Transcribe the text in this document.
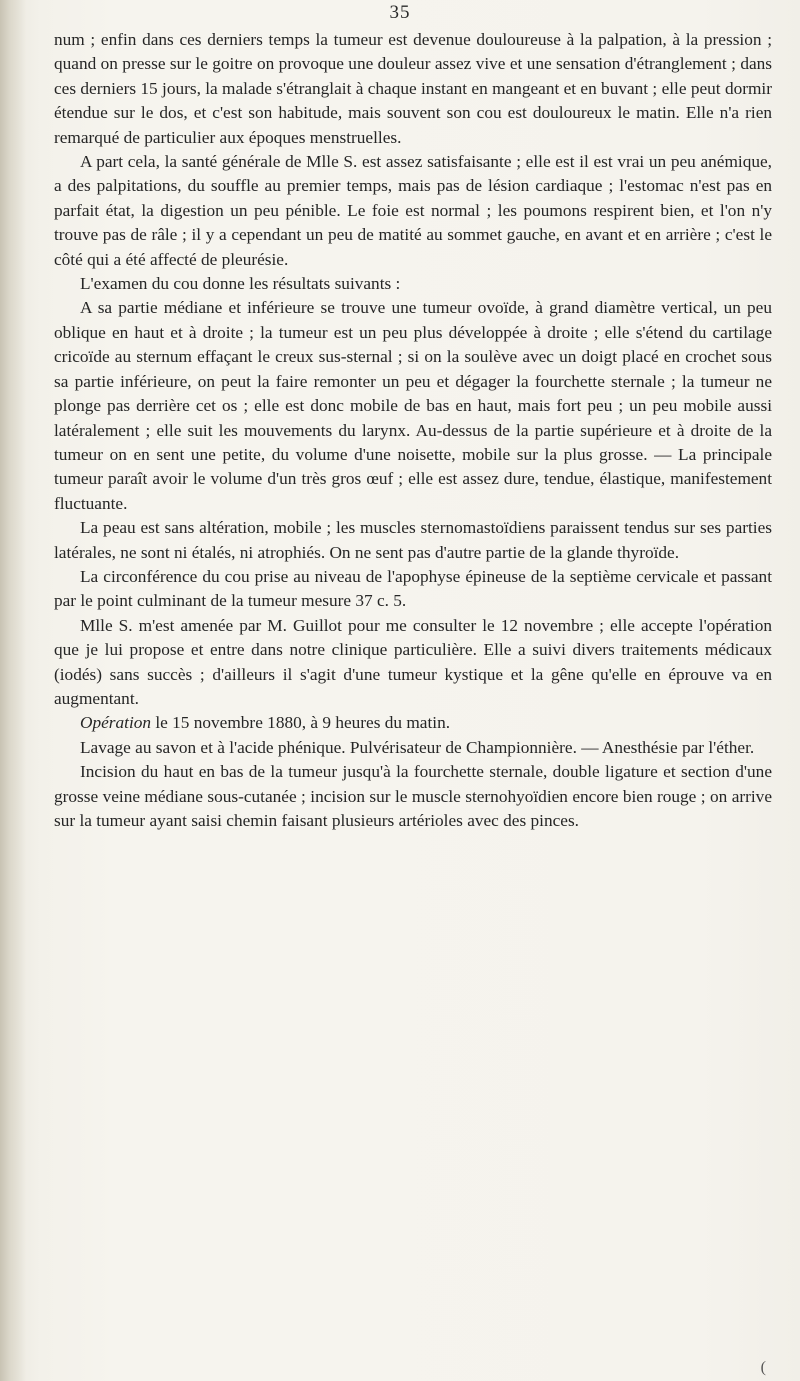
35

num ; enfin dans ces derniers temps la tumeur est devenue douloureuse à la palpation, à la pression ; quand on presse sur le goitre on provoque une douleur assez vive et une sensation d'étranglement ; dans ces derniers 15 jours, la malade s'étranglait à chaque instant en mangeant et en buvant ; elle peut dormir étendue sur le dos, et c'est son habitude, mais souvent son cou est douloureux le matin. Elle n'a rien remarqué de particulier aux époques menstruelles.

A part cela, la santé générale de Mlle S. est assez satisfaisante ; elle est il est vrai un peu anémique, a des palpitations, du souffle au premier temps, mais pas de lésion cardiaque ; l'estomac n'est pas en parfait état, la digestion un peu pénible. Le foie est normal ; les poumons respirent bien, et l'on n'y trouve pas de râle ; il y a cependant un peu de matité au sommet gauche, en avant et en arrière ; c'est le côté qui a été affecté de pleurésie.

L'examen du cou donne les résultats suivants :

A sa partie médiane et inférieure se trouve une tumeur ovoïde, à grand diamètre vertical, un peu oblique en haut et à droite ; la tumeur est un peu plus développée à droite ; elle s'étend du cartilage cricoïde au sternum effaçant le creux sus-sternal ; si on la soulève avec un doigt placé en crochet sous sa partie inférieure, on peut la faire remonter un peu et dégager la fourchette sternale ; la tumeur ne plonge pas derrière cet os ; elle est donc mobile de bas en haut, mais fort peu ; un peu mobile aussi latéralement ; elle suit les mouvements du larynx. Au-dessus de la partie supérieure et à droite de la tumeur on en sent une petite, du volume d'une noisette, mobile sur la plus grosse. — La principale tumeur paraît avoir le volume d'un très gros œuf ; elle est assez dure, tendue, élastique, manifestement fluctuante.

La peau est sans altération, mobile ; les muscles sternomastoïdiens paraissent tendus sur ses parties latérales, ne sont ni étalés, ni atrophiés. On ne sent pas d'autre partie de la glande thyroïde.

La circonférence du cou prise au niveau de l'apophyse épineuse de la septième cervicale et passant par le point culminant de la tumeur mesure 37 c. 5.

Mlle S. m'est amenée par M. Guillot pour me consulter le 12 novembre ; elle accepte l'opération que je lui propose et entre dans notre clinique particulière. Elle a suivi divers traitements médicaux (iodés) sans succès ; d'ailleurs il s'agit d'une tumeur kystique et la gêne qu'elle en éprouve va en augmentant.

Opération le 15 novembre 1880, à 9 heures du matin.

Lavage au savon et à l'acide phénique. Pulvérisateur de Championnière. — Anesthésie par l'éther.

Incision du haut en bas de la tumeur jusqu'à la fourchette sternale, double ligature et section d'une grosse veine médiane sous-cutanée ; incision sur le muscle sternohyoïdien encore bien rouge ; on arrive sur la tumeur ayant saisi chemin faisant plusieurs artérioles avec des pinces.

(
